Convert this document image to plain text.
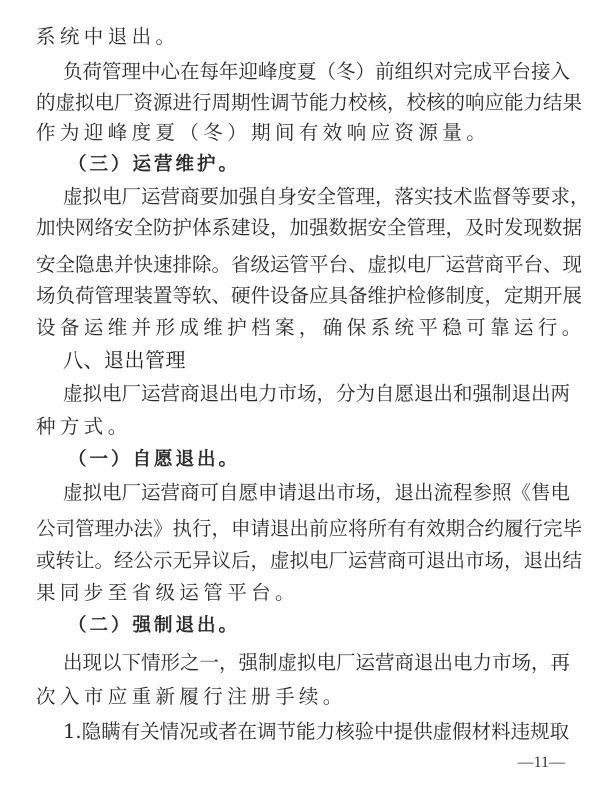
系统中退出。
负荷管理中心在每年迎峰度夏（冬）前组织对完成平台接入
的虚拟电厂资源进行周期性调节能力校核，校核的响应能力结果
作为迎峰度夏（冬）期间有效响应资源量。
（三）运营维护。
虚拟电厂运营商要加强自身安全管理，落实技术监督等要求，
加快网络安全防护体系建设，加强数据安全管理，及时发现数据
安全隐患并快速排除。省级运管平台、虚拟电厂运营商平台、现
场负荷管理装置等软、硬件设备应具备维护检修制度，定期开展
设备运维并形成维护档案，确保系统平稳可靠运行。
八、退出管理
虚拟电厂运营商退出电力市场，分为自愿退出和强制退出两
种方式。
（一）自愿退出。
虚拟电厂运营商可自愿申请退出市场，退出流程参照《售电
公司管理办法》执行，申请退出前应将所有有效期合约履行完毕
或转让。经公示无异议后，虚拟电厂运营商可退出市场，退出结
果同步至省级运管平台。
（二）强制退出。
出现以下情形之一，强制虚拟电厂运营商退出电力市场，再
次入市应重新履行注册手续。
1.隐瞒有关情况或者在调节能力核验中提供虚假材料违规取
—11—
